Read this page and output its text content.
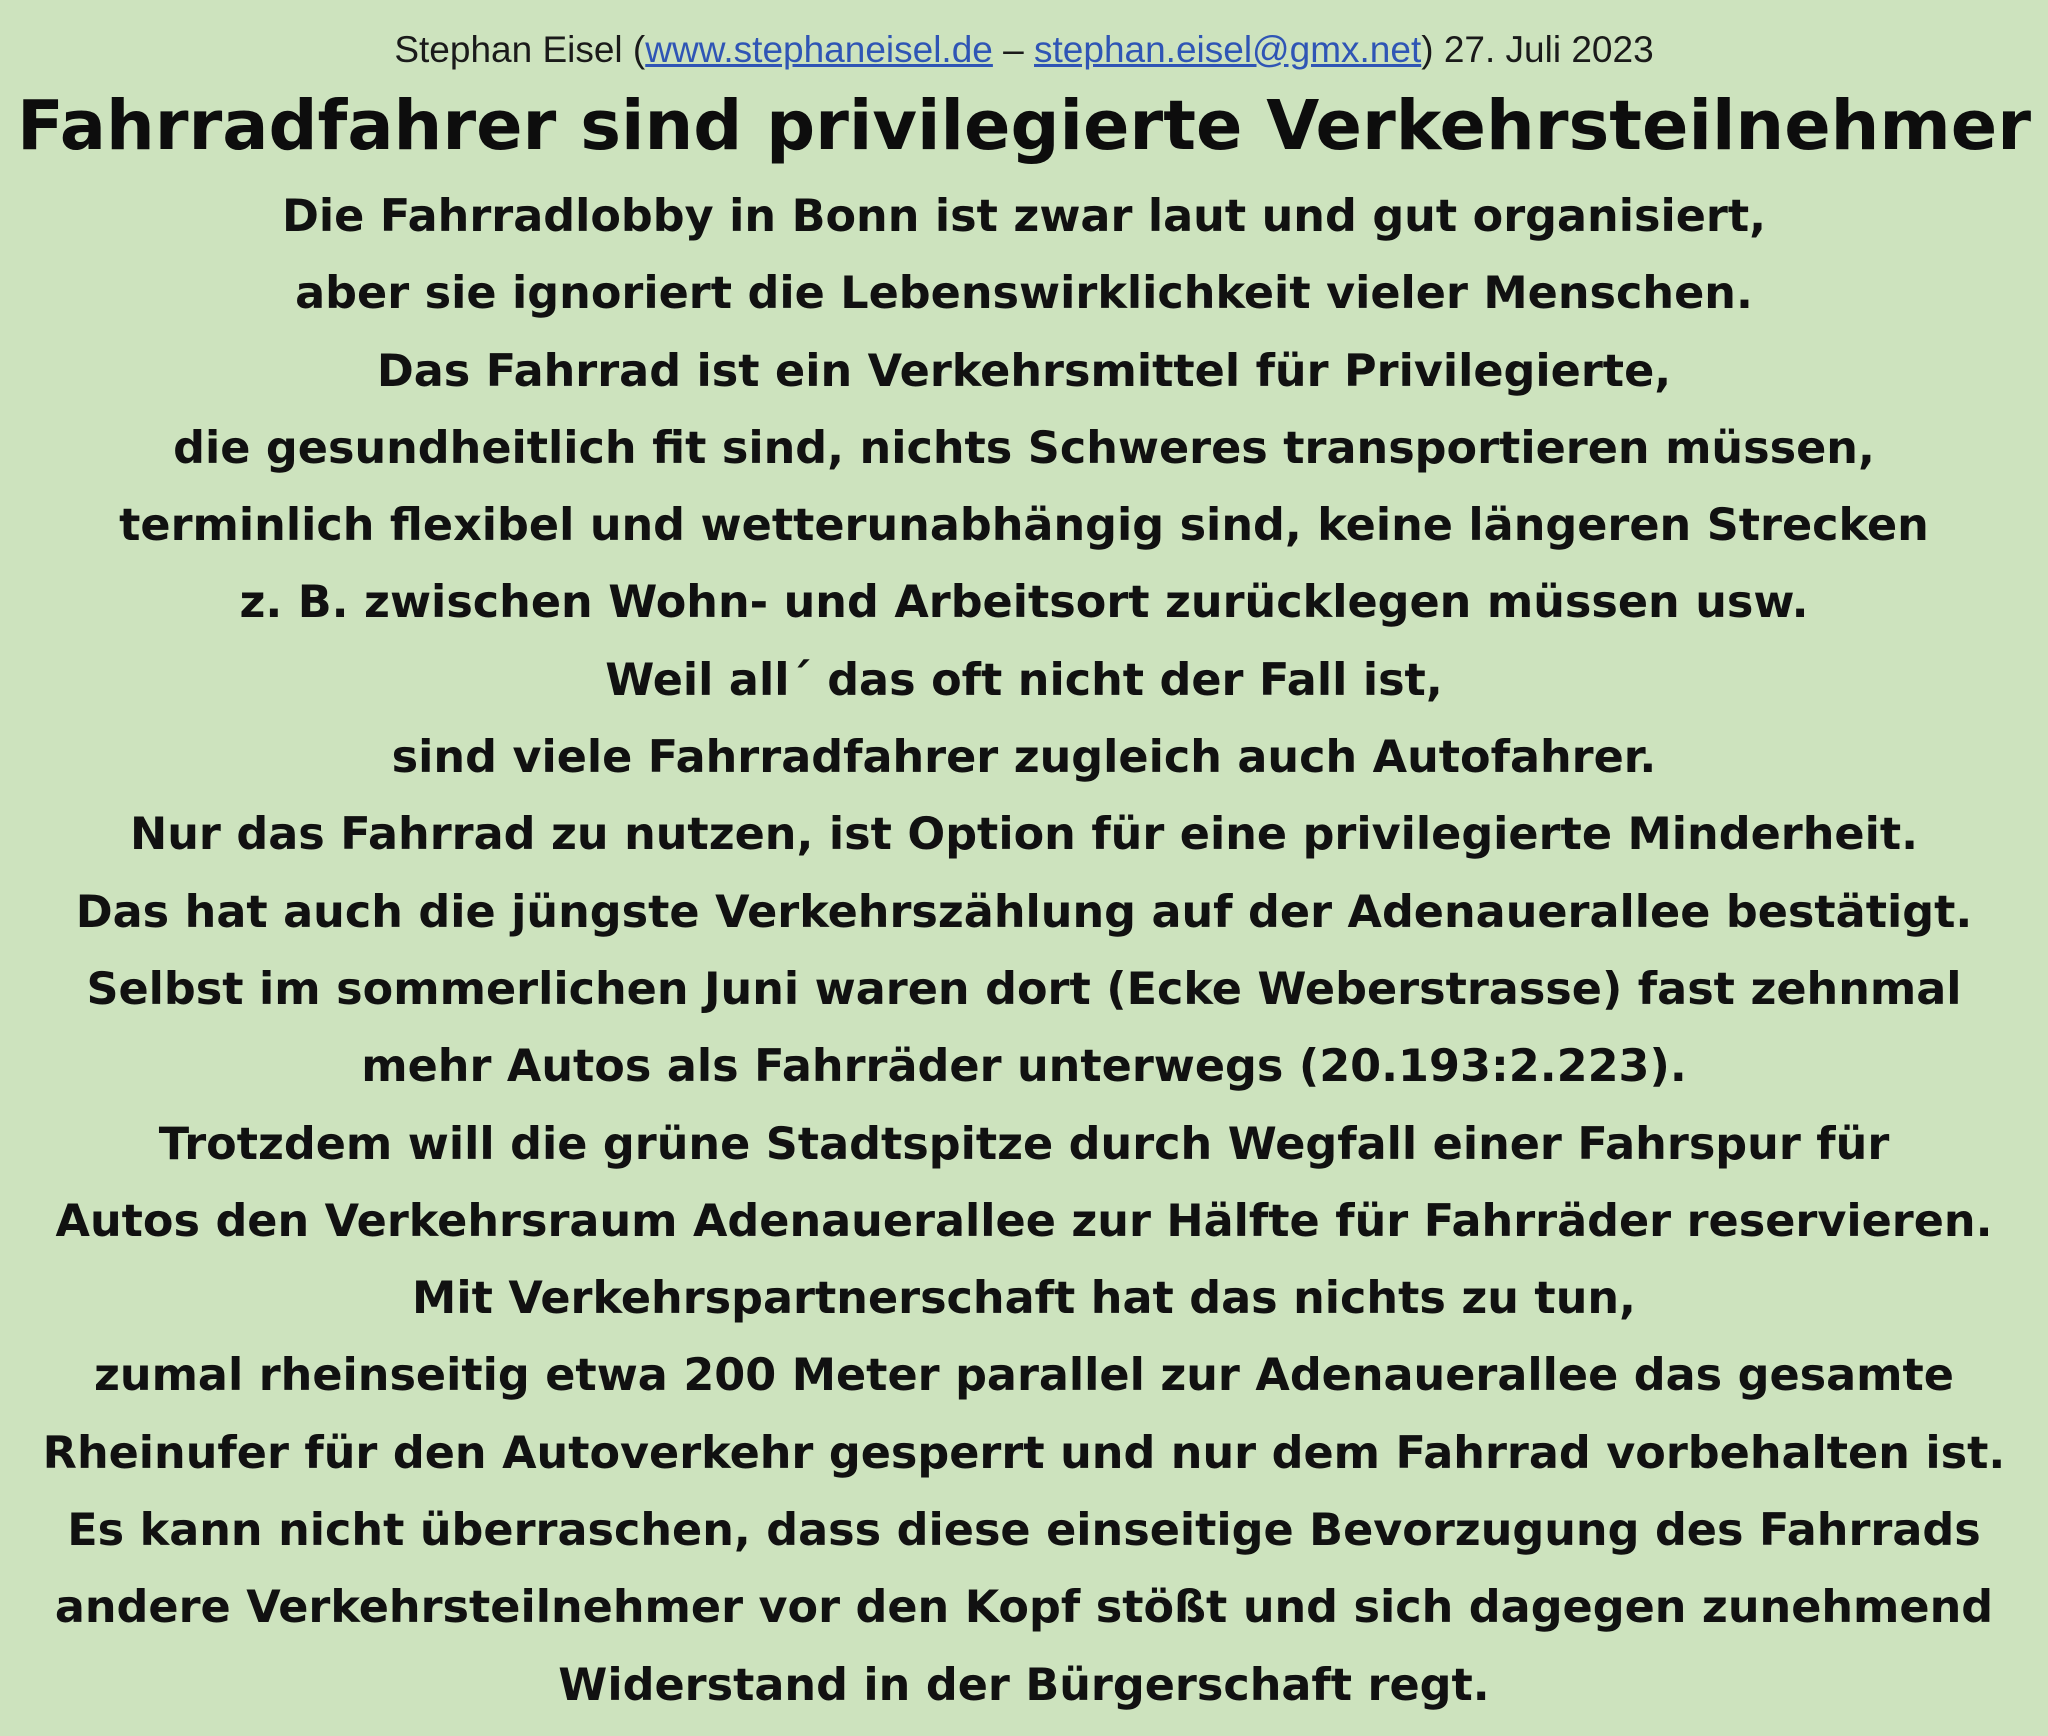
Stephan Eisel (www.stephaneisel.de – stephan.eisel@gmx.net) 27. Juli 2023
Fahrradfahrer sind privilegierte Verkehrsteilnehmer
Die Fahrradlobby in Bonn ist zwar laut und gut organisiert,
aber sie ignoriert die Lebenswirklichkeit vieler Menschen.
Das Fahrrad ist ein Verkehrsmittel für Privilegierte,
die gesundheitlich fit sind, nichts Schweres transportieren müssen,
terminlich flexibel und wetterunabhängig sind, keine längeren Strecken
z. B. zwischen Wohn- und Arbeitsort zurücklegen müssen usw.
Weil all´ das oft nicht der Fall ist,
sind viele Fahrradfahrer zugleich auch Autofahrer.
Nur das Fahrrad zu nutzen, ist Option für eine privilegierte Minderheit.
Das hat auch die jüngste Verkehrszählung auf der Adenauerallee bestätigt.
Selbst im sommerlichen Juni waren dort (Ecke Weberstrasse) fast zehnmal
mehr Autos als Fahrräder unterwegs (20.193:2.223).
Trotzdem will die grüne Stadtspitze durch Wegfall einer Fahrspur für
Autos den Verkehrsraum Adenauerallee zur Hälfte für Fahrräder reservieren.
Mit Verkehrspartnerschaft hat das nichts zu tun,
zumal rheinseitig etwa 200 Meter parallel zur Adenauerallee das gesamte
Rheinufer für den Autoverkehr gesperrt und nur dem Fahrrad vorbehalten ist.
Es kann nicht überraschen, dass diese einseitige Bevorzugung des Fahrrads
andere Verkehrsteilnehmer vor den Kopf stößt und sich dagegen zunehmend
Widerstand in der Bürgerschaft regt.
